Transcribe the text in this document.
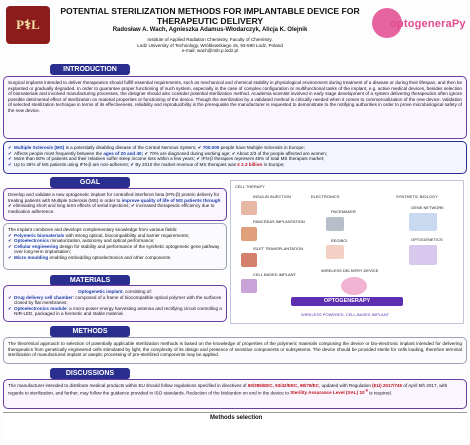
P⚕L
POTENTIAL STERILIZATION METHODS FOR IMPLANTABLE DEVICE FOR THERAPEUTIC DELIVERY
Radosław A. Wach, Agnieszka Adamus-Włodarczyk, Alicja K. Olejnik
Institute of Applied Radiation Chemistry, Faculty of Chemistry,
Lodz University of Technology, Wróblewskiego 15, 93-590 Lodz, Poland
e-mail: wach@mitr.p.lodz.pl
optogeneraPy
INTRODUCTION
Surgical implants intended to deliver therapeutics should fulfill essential requirements, such as mechanical and chemical stability in physiological environment during treatment of a disease or during their lifespan, and then be explanted or gradually degraded. In order to guarantee proper functioning of such system, especially in the case of complex configuration or multifunctional tasks of the implant, e.g. active medical devices, besides selection of biomaterials and involved manufacturing processes, the designer should also consider potential sterilization method. Academia scientist involved in early stage development of a system delivering therapeutics often ignore possible detrimental effect of sterilization on material properties or functioning of the device. Though the sterilization by a validated method is critically needed when it comes to commercialization of the new device. Validation of selected sterilization technique in terms of its effectiveness, reliability and reproducibility is the prerequisite the manufacturer is requested to demonstrate to the notifying authorities in order to prove microbiological safety of the new device.
✔ Multiple Sclerosis (MS) is a potentially disabling disease of the Central Nervous System; ✔ 700.000 people have Multiple Sclerosis in Europe;
✔ Affects people most frequently between the ages of 20 and 40; ✔ 70% are diagnosed during working age; ✔ About 2/3 of the people affected are women;
✔ More than 50% of patients and their relatives suffer steep income loss within a few years; ✔ IFN-β therapies represent 45% of total MS therapies market;
✔ Up to 35% of MS patients using IFN-β are non-adherent; ✔ By 2010 the market revenue of MS therapies was € 2.3 billion in Europe;
GOAL
Develop and validate a new optogenetic implant for controlled interferon beta (IFN-β) protein delivery for treating patients with Multiple Sclerosis (MS) in order to improve quality of life of MS patients through ✔ eliminating short and long term effects of serial injections; ✔ increased therapeutic efficiency due to medication adherence.
The implant combines and develops complementary knowledge from various fields:
✔ Polymeric biomaterials with strong optical, biocompatibility and barrier requirements;
✔ Optoelectronics miniaturization, autonomy and optical performance;
✔ Cellular engineering design for stability and performance of the synthetic optogenetic gene pathway over long-term implantation;
✔ Micro moulding enabling embedding optoelectronics and other components.
MATERIALS
Optogenetic implant, consisting of:
✔ Drug delivery cell chamber: composed of a frame of biocompatible optical polymer with the surfaces closed by flat membranes;
✔ Optoelectronics module: a micro-power energy harvesting antenna and rectifying circuit controlling a NIR-LED, packaged in a hermetic and stable material.
CELL THERAPY
INSULIN INJECTION
PANCREAS IMPLANTATION
ISLET TRANSPLANTATION
CELL BASED IMPLANT
ELECTRONICS
PACEMAKER
EEG/BCI
WIRELESS DELIVERY DEVICE
SYNTHETIC BIOLOGY
GENE NETWORK
OPTOGENETICS
OPTOGENERAPY
WIRELESS POWERED, CELL-BASED IMPLANT
METHODS
The theoretical approach to selection of potentially applicable sterilization methods is based on the knowledge of properties of the polymeric materials composing the device or bio-electronic implant intended for delivering therapeutics from genetically engineered cells stimulated by light, the complexity of its design and presence of sensitive components or subsystems. The device should be provided sterile for cells loading, therefore terminal sterilization of manufactured implant or aseptic processing of pre-sterilized components may be applied.
DISCUSSIONS
The manufacturer intended to distribute medical products within EU should follow regulations specified in directives of 90/385/EEC, 93/42/EEC, 98/79/EC, updated with Regulation (EU) 2017/745 of April 5th 2017, with regards to sterilization, and further, may follow the guidance provided in ISO standards. Reduction of the bioburden on end in the device to Sterility Assurance Level (SAL) $10^{-6}$ is required.
Methods selection
